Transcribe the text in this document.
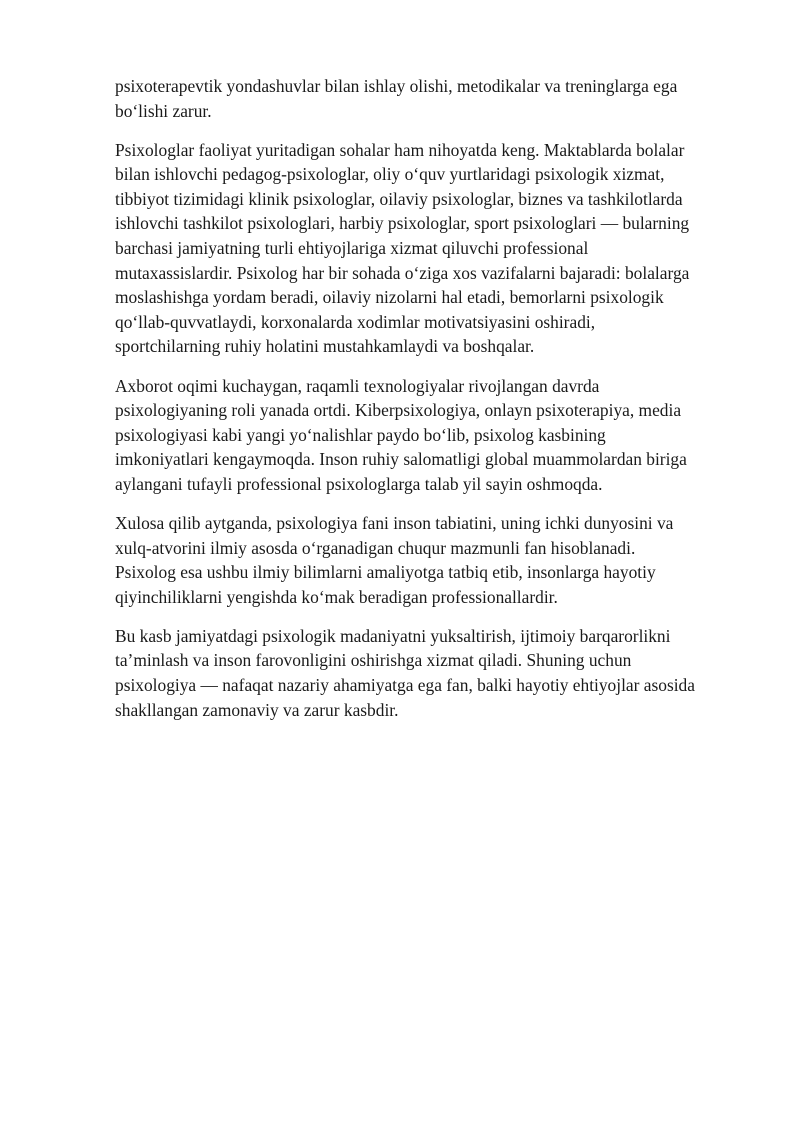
psixoterapevtik yondashuvlar bilan ishlay olishi, metodikalar va treninglarga ega
bo‘lishi zarur.

Psixologlar faoliyat yuritadigan sohalar ham nihoyatda keng. Maktablarda bolalar
bilan ishlovchi pedagog-psixologlar, oliy o‘quv yurtlaridagi psixologik xizmat,
tibbiyot tizimidagi klinik psixologlar, oilaviy psixologlar, biznes va tashkilotlarda
ishlovchi tashkilot psixologlari, harbiy psixologlar, sport psixologlari — bularning
barchasi jamiyatning turli ehtiyojlariga xizmat qiluvchi professional
mutaxassislardir. Psixolog har bir sohada o‘ziga xos vazifalarni bajaradi: bolalarga
moslashishga yordam beradi, oilaviy nizolarni hal etadi, bemorlarni psixologik
qo‘llab-quvvatlaydi, korxonalarda xodimlar motivatsiyasini oshiradi,
sportchilarning ruhiy holatini mustahkamlaydi va boshqalar.

Axborot oqimi kuchaygan, raqamli texnologiyalar rivojlangan davrda
psixologiyaning roli yanada ortdi. Kiberpsixologiya, onlayn psixoterapiya, media
psixologiyasi kabi yangi yo‘nalishlar paydo bo‘lib, psixolog kasbining
imkoniyatlari kengaymoqda. Inson ruhiy salomatligi global muammolardan biriga
aylangani tufayli professional psixologlarga talab yil sayin oshmoqda.

Xulosa qilib aytganda, psixologiya fani inson tabiatini, uning ichki dunyosini va
xulq-atvorini ilmiy asosda o‘rganadigan chuqur mazmunli fan hisoblanadi.
Psixolog esa ushbu ilmiy bilimlarni amaliyotga tatbiq etib, insonlarga hayotiy
qiyinchiliklarni yengishda ko‘mak beradigan professionallardir.

Bu kasb jamiyatdagi psixologik madaniyatni yuksaltirish, ijtimoiy barqarorlikni
ta’minlash va inson farovonligini oshirishga xizmat qiladi. Shuning uchun
psixologiya — nafaqat nazariy ahamiyatga ega fan, balki hayotiy ehtiyojlar asosida
shakllangan zamonaviy va zarur kasbdir.
